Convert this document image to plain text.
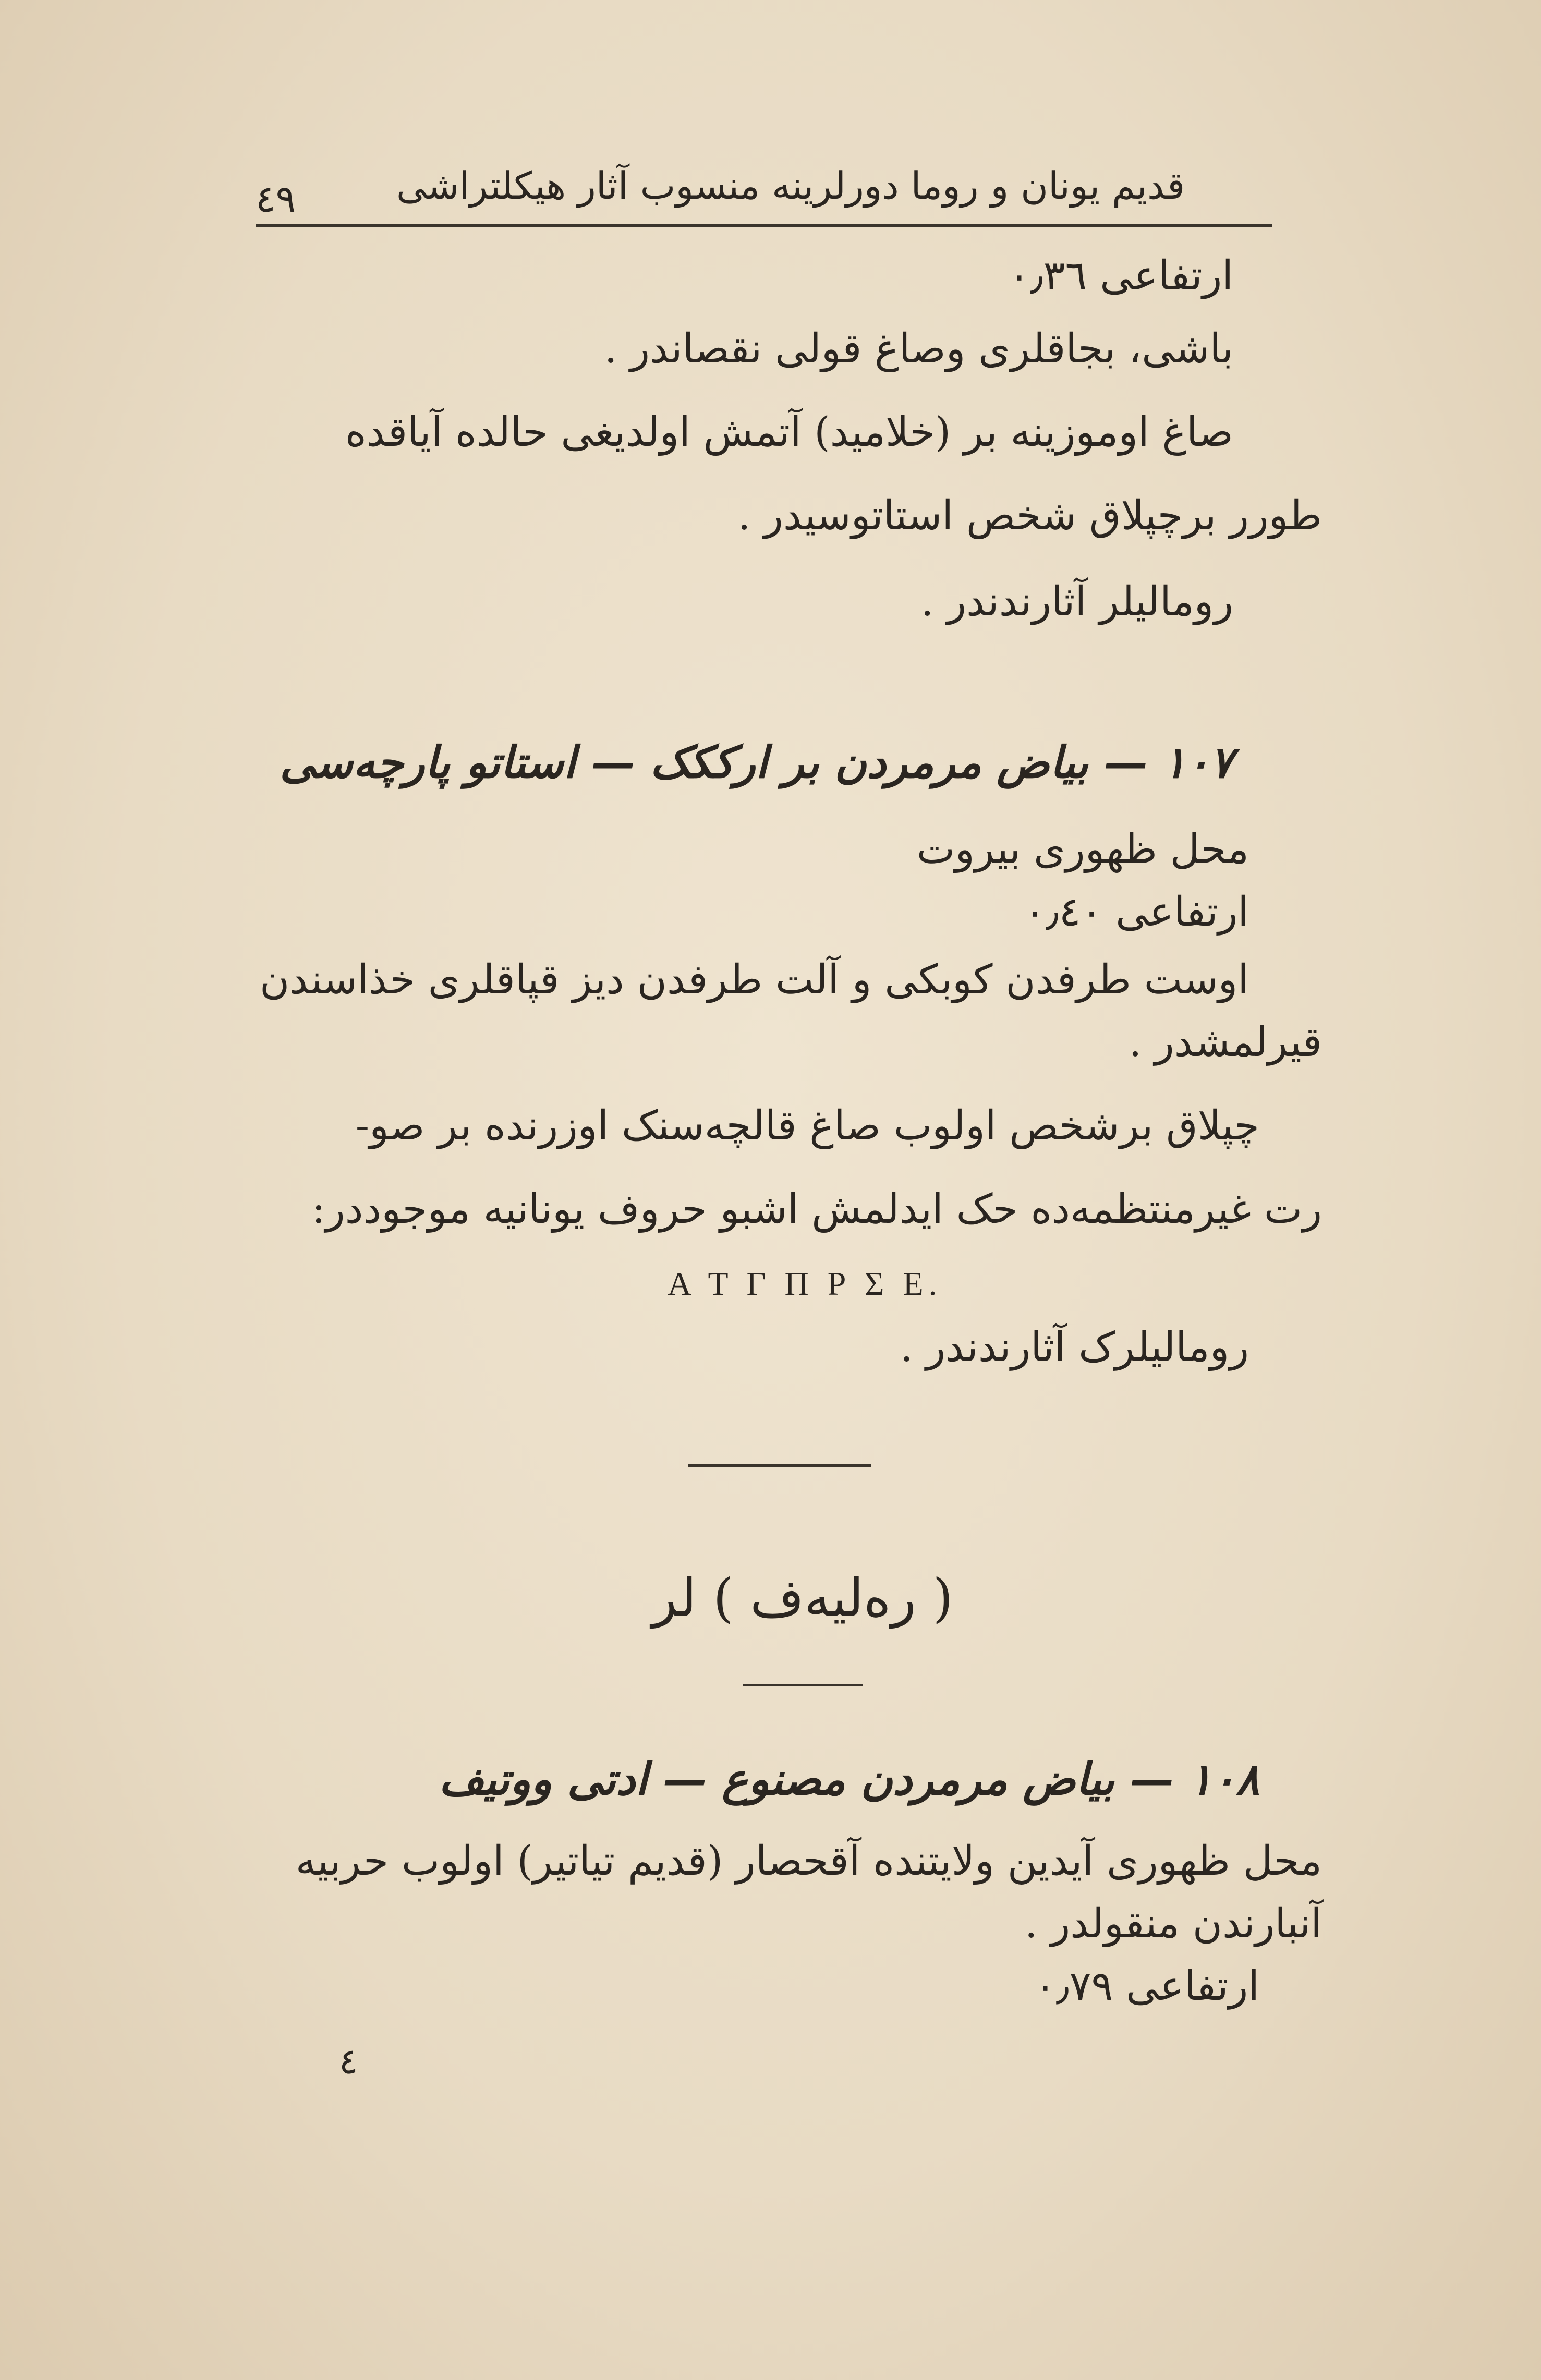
٤٩	قدیم یونان و روما دورلرینه منسوب آثار هیکلتراشی
ارتفاعی ٠٫٣٦
باشی، بجاقلری وصاغ قولی نقصاندر .
صاغ اوموزینه بر (خلامید) آتمش اولدیغی حالده آیاقده
طورر برچپلاق شخص استاتوسیدر .
رومالیلر آثارندندر .
١٠٧ — بیاض مرمردن بر ارککک — استاتو پارچه‌سی
محل ظهوری بیروت
ارتفاعی ٠٫٤٠
اوست طرفدن کوبکی و آلت طرفدن دیز قپاقلری خذاسندن
قیرلمشدر .
چپلاق برشخص اولوب صاغ قالچه‌سنک اوزرنده بر صو-
رت غیرمنتظمه‌ده حک ایدلمش اشبو حروف یونانیه موجوددر:
Α Τ Γ Π Ρ Σ Ε.
رومالیلرک آثارندندر .
( ره‌لیه‌ف ) لر
١٠٨ — بیاض مرمردن مصنوع — ادتی ووتیف
محل ظهوری آیدین ولایتنده آقحصار (قدیم تیاتیر) اولوب حربیه
آنبارندن منقولدر .
ارتفاعی ٠٫٧٩
٤
